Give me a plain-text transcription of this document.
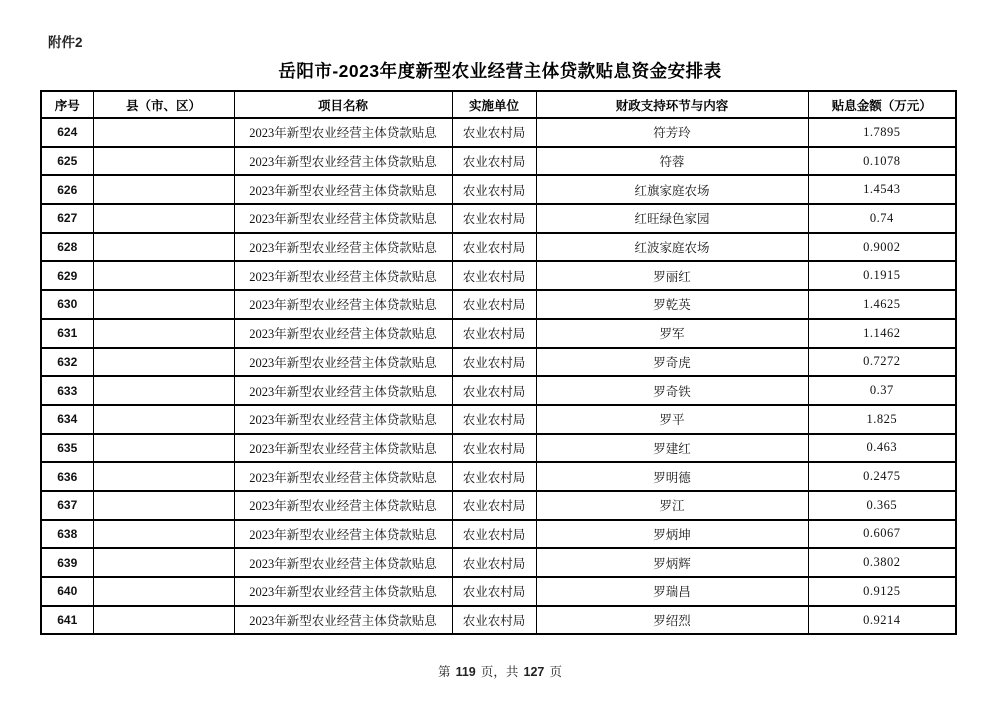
附件2
岳阳市-2023年度新型农业经营主体贷款贴息资金安排表
序号	县（市、区）	项目名称	实施单位	财政支持环节与内容	贴息金额（万元）
624		2023年新型农业经营主体贷款贴息	农业农村局	符芳玲	1.7895
625		2023年新型农业经营主体贷款贴息	农业农村局	符蓉	0.1078
626		2023年新型农业经营主体贷款贴息	农业农村局	红旗家庭农场	1.4543
627		2023年新型农业经营主体贷款贴息	农业农村局	红旺绿色家园	0.74
628		2023年新型农业经营主体贷款贴息	农业农村局	红波家庭农场	0.9002
629		2023年新型农业经营主体贷款贴息	农业农村局	罗丽红	0.1915
630		2023年新型农业经营主体贷款贴息	农业农村局	罗乾英	1.4625
631		2023年新型农业经营主体贷款贴息	农业农村局	罗军	1.1462
632		2023年新型农业经营主体贷款贴息	农业农村局	罗奇虎	0.7272
633		2023年新型农业经营主体贷款贴息	农业农村局	罗奇铁	0.37
634		2023年新型农业经营主体贷款贴息	农业农村局	罗平	1.825
635		2023年新型农业经营主体贷款贴息	农业农村局	罗建红	0.463
636		2023年新型农业经营主体贷款贴息	农业农村局	罗明德	0.2475
637		2023年新型农业经营主体贷款贴息	农业农村局	罗江	0.365
638		2023年新型农业经营主体贷款贴息	农业农村局	罗炳坤	0.6067
639		2023年新型农业经营主体贷款贴息	农业农村局	罗炳辉	0.3802
640		2023年新型农业经营主体贷款贴息	农业农村局	罗瑞昌	0.9125
641		2023年新型农业经营主体贷款贴息	农业农村局	罗绍烈	0.9214
第 119 页，共 127 页
